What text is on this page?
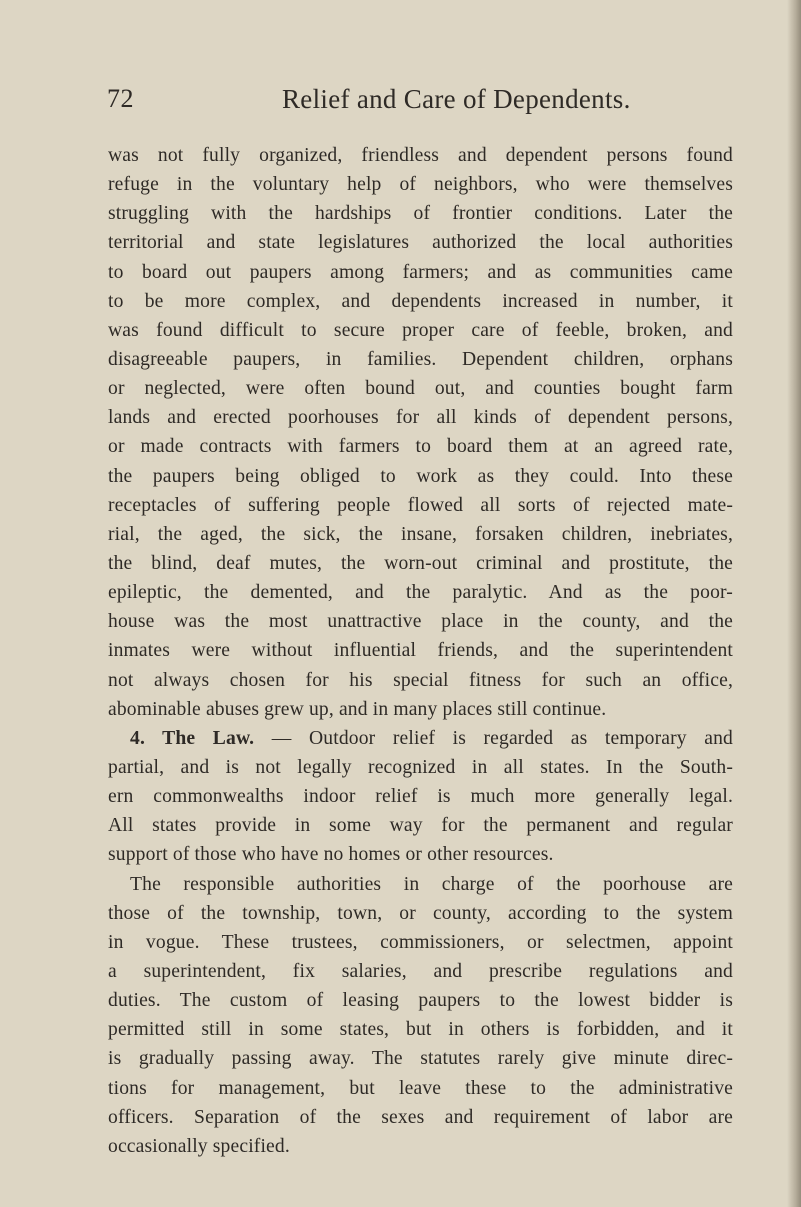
72	Relief and Care of Dependents.
was not fully organized, friendless and dependent persons found
refuge in the voluntary help of neighbors, who were themselves
struggling with the hardships of frontier conditions. Later the
territorial and state legislatures authorized the local authorities
to board out paupers among farmers; and as communities came
to be more complex, and dependents increased in number, it
was found difficult to secure proper care of feeble, broken, and
disagreeable paupers, in families. Dependent children, orphans
or neglected, were often bound out, and counties bought farm
lands and erected poorhouses for all kinds of dependent persons,
or made contracts with farmers to board them at an agreed rate,
the paupers being obliged to work as they could. Into these
receptacles of suffering people flowed all sorts of rejected mate-
rial, the aged, the sick, the insane, forsaken children, inebriates,
the blind, deaf mutes, the worn-out criminal and prostitute, the
epileptic, the demented, and the paralytic. And as the poor-
house was the most unattractive place in the county, and the
inmates were without influential friends, and the superintendent
not always chosen for his special fitness for such an office,
abominable abuses grew up, and in many places still continue.
4. The Law. — Outdoor relief is regarded as temporary and
partial, and is not legally recognized in all states. In the South-
ern commonwealths indoor relief is much more generally legal.
All states provide in some way for the permanent and regular
support of those who have no homes or other resources.
The responsible authorities in charge of the poorhouse are
those of the township, town, or county, according to the system
in vogue. These trustees, commissioners, or selectmen, appoint
a superintendent, fix salaries, and prescribe regulations and
duties. The custom of leasing paupers to the lowest bidder is
permitted still in some states, but in others is forbidden, and it
is gradually passing away. The statutes rarely give minute direc-
tions for management, but leave these to the administrative
officers. Separation of the sexes and requirement of labor are
occasionally specified.
